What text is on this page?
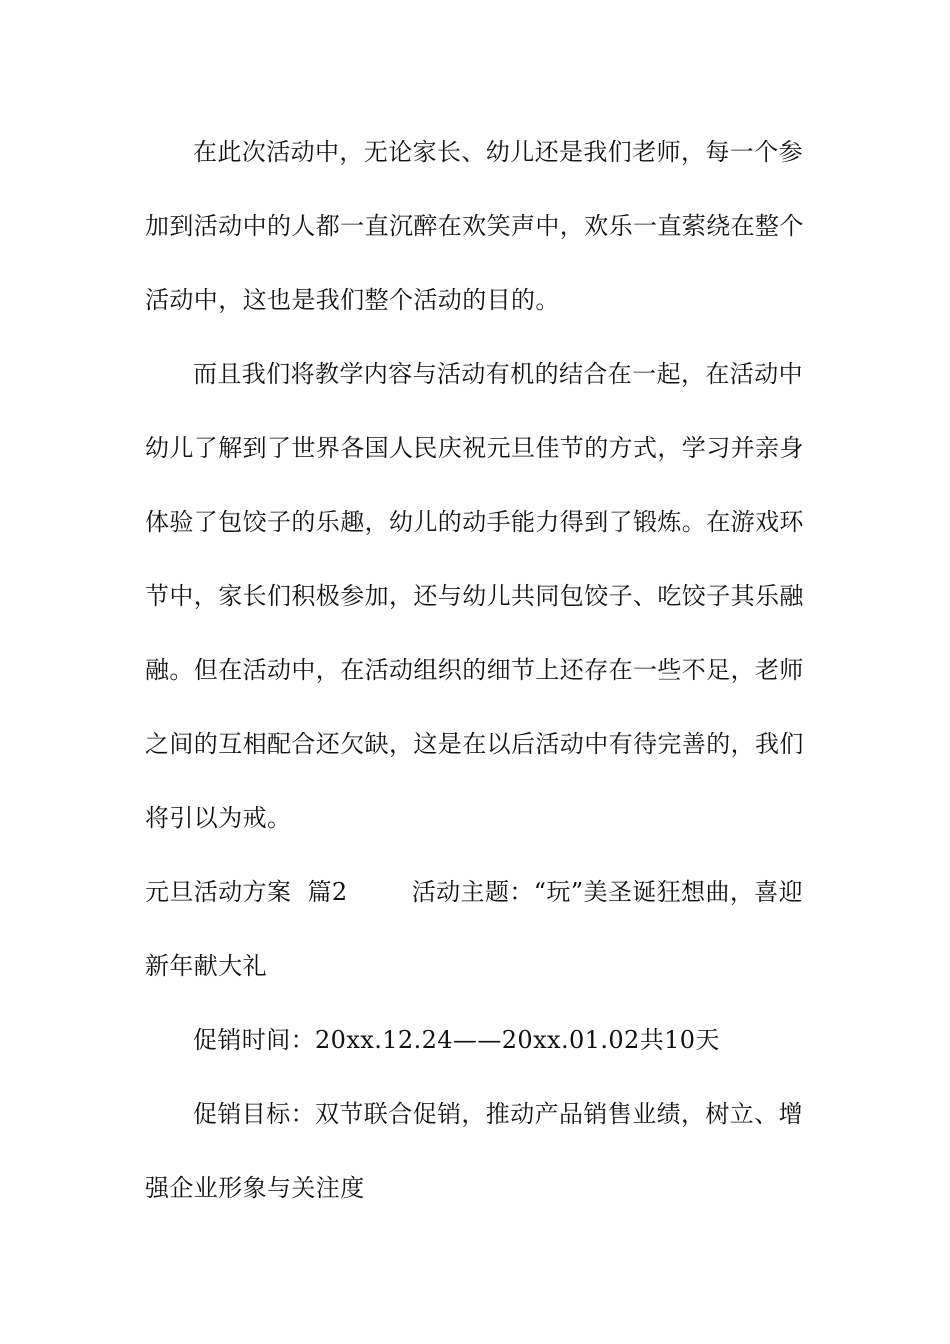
在此次活动中，无论家长、幼儿还是我们老师，每一个参
加到活动中的人都一直沉醉在欢笑声中，欢乐一直萦绕在整个
活动中，这也是我们整个活动的目的。
而且我们将教学内容与活动有机的结合在一起，在活动中
幼儿了解到了世界各国人民庆祝元旦佳节的方式，学习并亲身
体验了包饺子的乐趣，幼儿的动手能力得到了锻炼。在游戏环
节中，家长们积极参加，还与幼儿共同包饺子、吃饺子其乐融
融。但在活动中，在活动组织的细节上还存在一些不足，老师
之间的互相配合还欠缺，这是在以后活动中有待完善的，我们
将引以为戒。
元旦活动方案  篇2        活动主题：“玩”美圣诞狂想曲，喜迎
新年献大礼
促销时间：20xx.12.24——20xx.01.02共10天
促销目标：双节联合促销，推动产品销售业绩，树立、增
强企业形象与关注度
